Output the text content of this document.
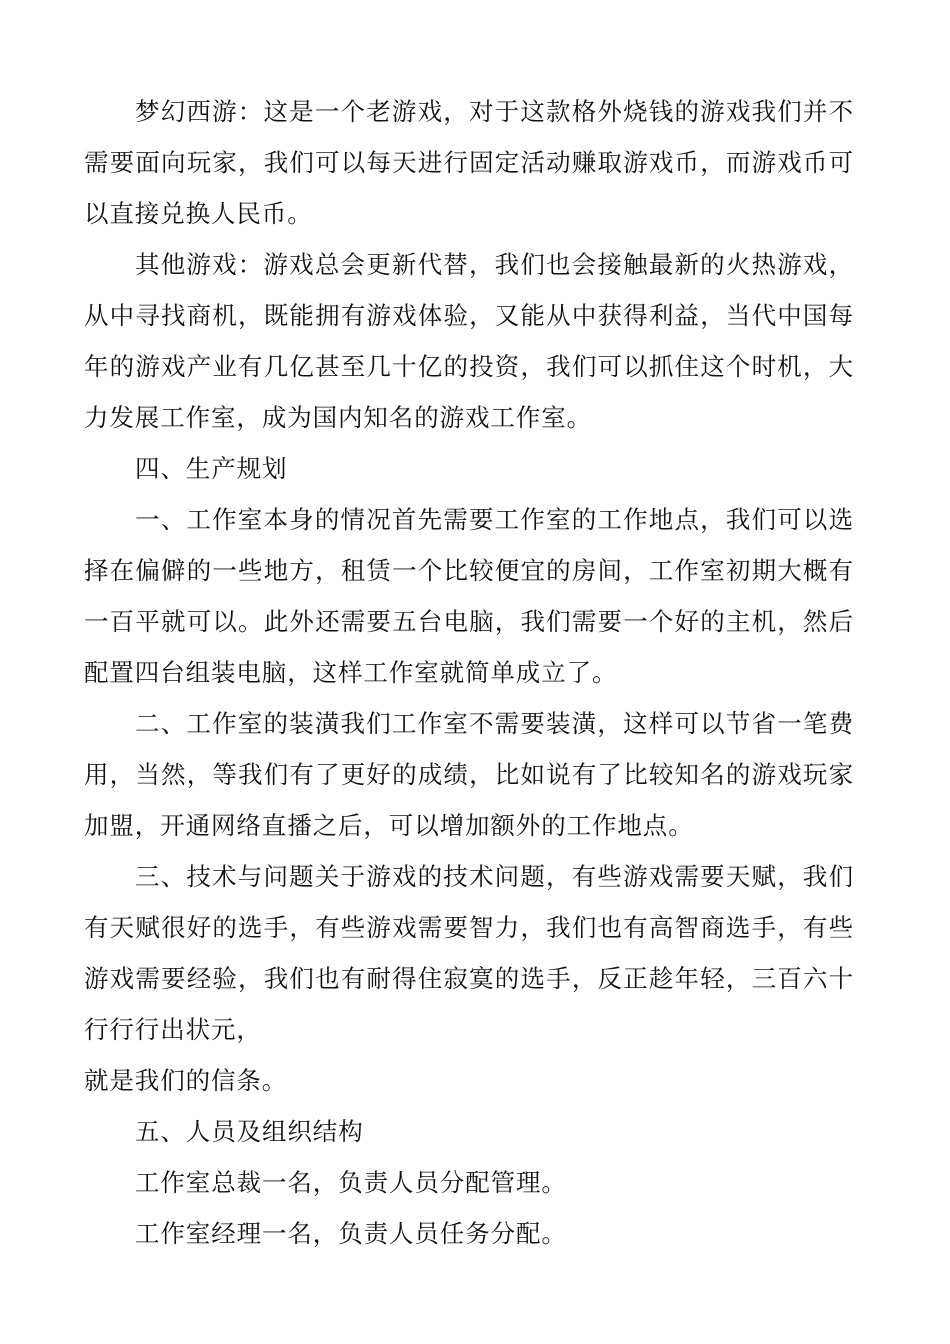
梦幻西游：这是一个老游戏，对于这款格外烧钱的游戏我们并不需要面向玩家，我们可以每天进行固定活动赚取游戏币，而游戏币可以直接兑换人民币。

其他游戏：游戏总会更新代替，我们也会接触最新的火热游戏，从中寻找商机，既能拥有游戏体验，又能从中获得利益，当代中国每年的游戏产业有几亿甚至几十亿的投资，我们可以抓住这个时机，大力发展工作室，成为国内知名的游戏工作室。

四、生产规划

一、工作室本身的情况首先需要工作室的工作地点，我们可以选择在偏僻的一些地方，租赁一个比较便宜的房间，工作室初期大概有一百平就可以。此外还需要五台电脑，我们需要一个好的主机，然后配置四台组装电脑，这样工作室就简单成立了。

二、工作室的装潢我们工作室不需要装潢，这样可以节省一笔费用，当然，等我们有了更好的成绩，比如说有了比较知名的游戏玩家加盟，开通网络直播之后，可以增加额外的工作地点。

三、技术与问题关于游戏的技术问题，有些游戏需要天赋，我们有天赋很好的选手，有些游戏需要智力，我们也有高智商选手，有些游戏需要经验，我们也有耐得住寂寞的选手，反正趁年轻，三百六十行行行出状元，

就是我们的信条。

五、人员及组织结构

工作室总裁一名，负责人员分配管理。

工作室经理一名，负责人员任务分配。
